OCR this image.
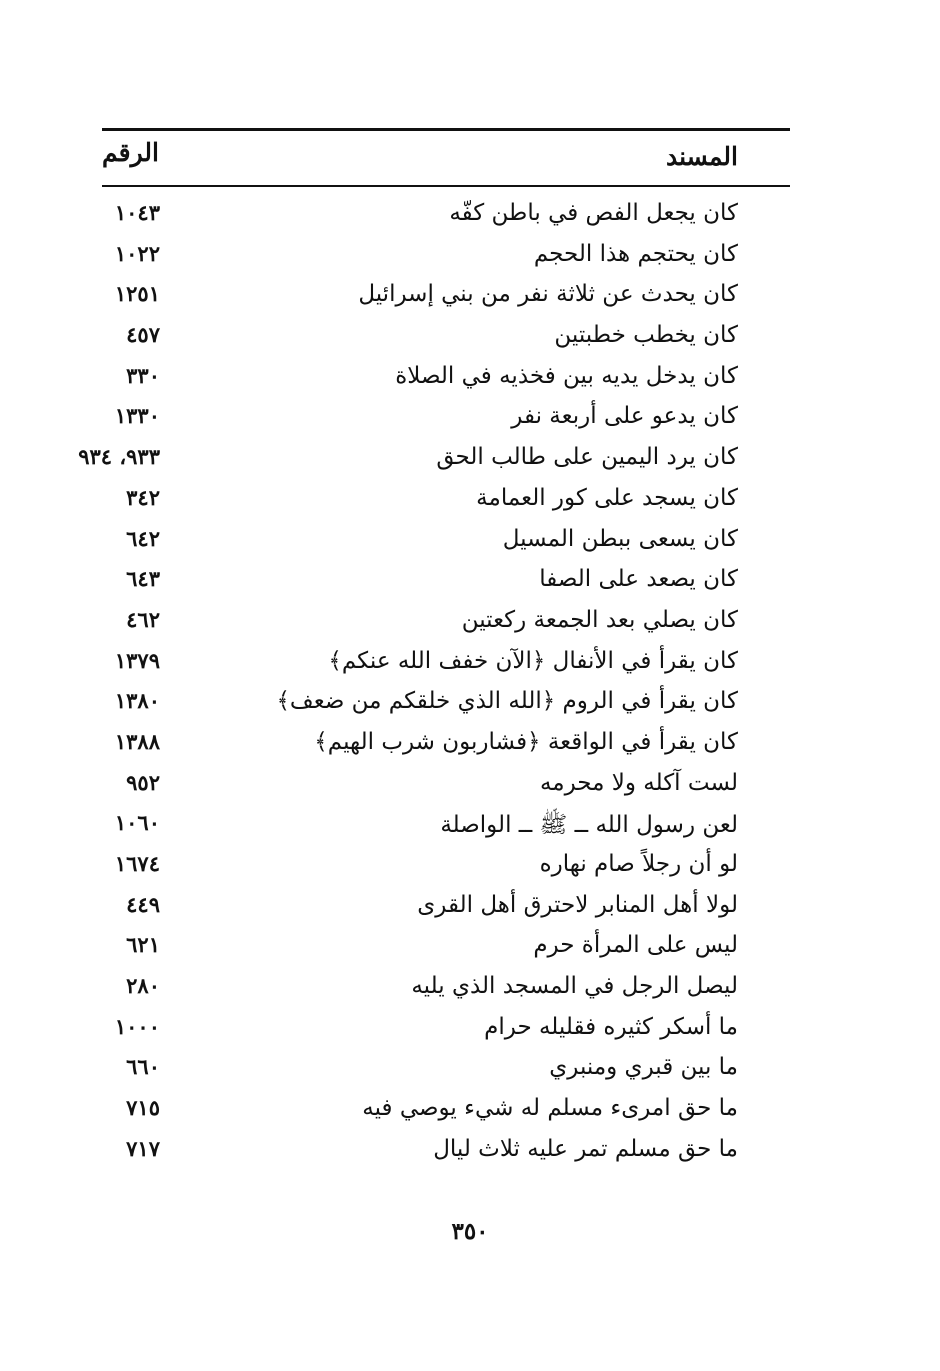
المسند
الرقم
كان يجعل الفص في باطن كفّه
١٠٤٣
كان يحتجم هذا الحجم
١٠٢٢
كان يحدث عن ثلاثة نفر من بني إسرائيل
١٢٥١
كان يخطب خطبتين
٤٥٧
كان يدخل يديه بين فخذيه في الصلاة
٣٣٠
كان يدعو على أربعة نفر
١٣٣٠
كان يرد اليمين على طالب الحق
٩٣٣، ٩٣٤
كان يسجد على كور العمامة
٣٤٢
كان يسعى ببطن المسيل
٦٤٢
كان يصعد على الصفا
٦٤٣
كان يصلي بعد الجمعة ركعتين
٤٦٢
كان يقرأ في الأنفال ﴿الآن خفف الله عنكم﴾
١٣٧٩
كان يقرأ في الروم ﴿الله الذي خلقكم من ضعف﴾
١٣٨٠
كان يقرأ في الواقعة ﴿فشاربون شرب الهيم﴾
١٣٨٨
لست آكله ولا محرمه
٩٥٢
لعن رسول الله ــ ﷺ ــ الواصلة
١٠٦٠
لو أن رجلاً صام نهاره
١٦٧٤
لولا أهل المنابر لاحترق أهل القرى
٤٤٩
ليس على المرأة حرم
٦٢١
ليصل الرجل في المسجد الذي يليه
٢٨٠
ما أسكر كثيره فقليله حرام
١٠٠٠
ما بين قبري ومنبري
٦٦٠
ما حق امرىء مسلم له شيء يوصي فيه
٧١٥
ما حق مسلم تمر عليه ثلاث ليال
٧١٧
٣٥٠
